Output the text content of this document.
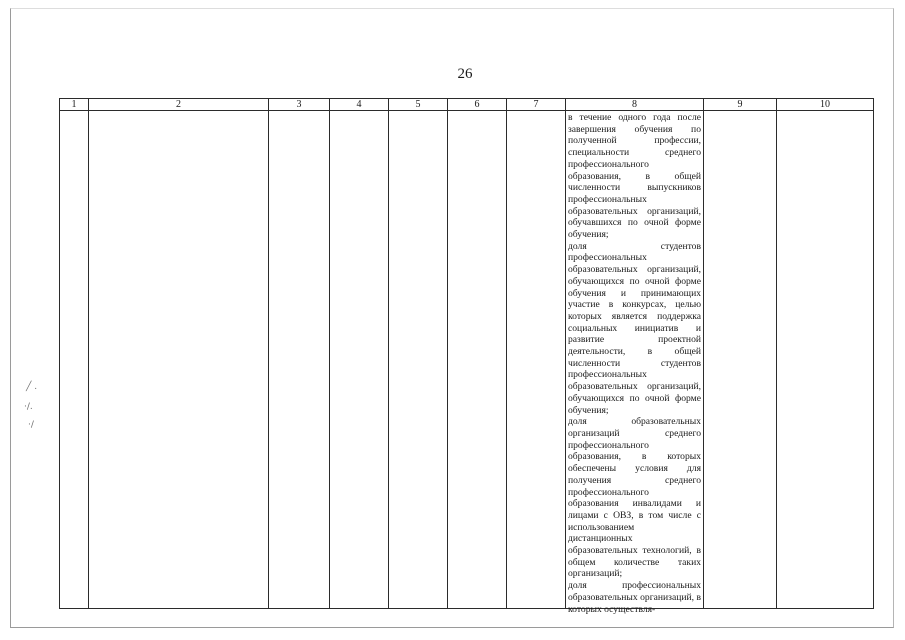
26
1	2	3	4	5	6	7	8	9	10

							в течение одного года после завершения обучения по полученной профессии, специальности среднего профессионального образования, в общей численности выпускников профессиональных образовательных организаций, обучавшихся по очной форме обучения;

доля студентов профессиональных образовательных организаций, обучающихся по очной форме обучения и принимающих участие в конкурсах, целью которых является поддержка социальных инициатив и развитие проектной деятельности, в общей численности студентов профессиональных образовательных организаций, обучающихся по очной форме обучения;

доля образовательных организаций среднего профессионального образования, в которых обеспечены условия для получения среднего профессионального образования инвалидами и лицами с ОВЗ, в том числе с использованием дистанционных образовательных технологий, в общем количестве таких организаций;

доля профессиональных образовательных организаций, в которых осуществля-		

╱ .
·/.
·/
